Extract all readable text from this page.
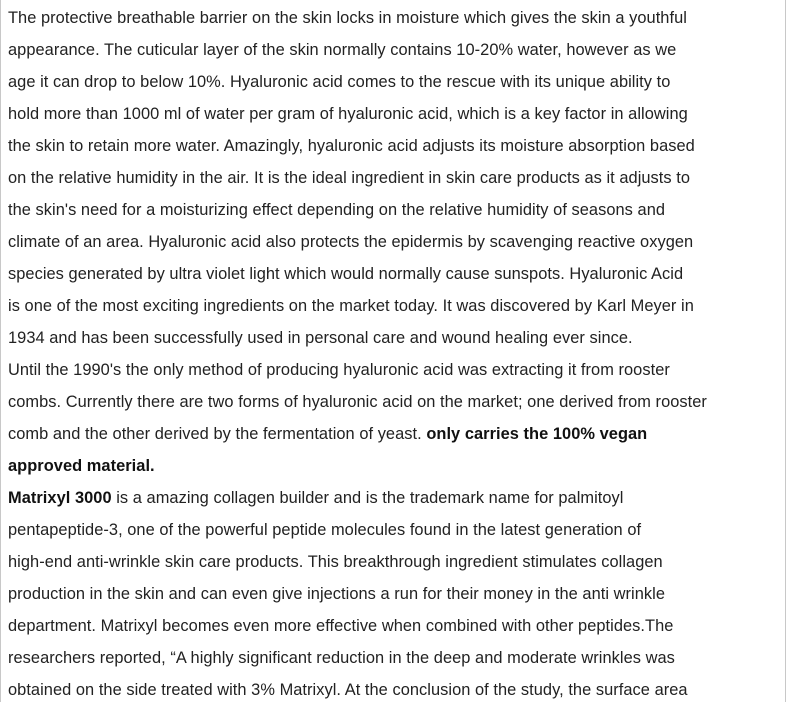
The protective breathable barrier on the skin locks in moisture which gives the skin a youthful
appearance. The cuticular layer of the skin normally contains 10-20% water, however as we
age it can drop to below 10%. Hyaluronic acid comes to the rescue with its unique ability to
hold more than 1000 ml of water per gram of hyaluronic acid, which is a key factor in allowing
the skin to retain more water. Amazingly, hyaluronic acid adjusts its moisture absorption based
on the relative humidity in the air. It is the ideal ingredient in skin care products as it adjusts to
the skin's need for a moisturizing effect depending on the relative humidity of seasons and
climate of an area. Hyaluronic acid also protects the epidermis by scavenging reactive oxygen
species generated by ultra violet light which would normally cause sunspots. Hyaluronic Acid
is one of the most exciting ingredients on the market today. It was discovered by Karl Meyer in
1934 and has been successfully used in personal care and wound healing ever since.
Until the 1990's the only method of producing hyaluronic acid was extracting it from rooster
combs. Currently there are two forms of hyaluronic acid on the market; one derived from rooster
comb and the other derived by the fermentation of yeast. only carries the 100% vegan
approved material.
Matrixyl 3000 is a amazing collagen builder and is the trademark name for palmitoyl
pentapeptide-3, one of the powerful peptide molecules found in the latest generation of
high-end anti-wrinkle skin care products. This breakthrough ingredient stimulates collagen
production in the skin and can even give injections a run for their money in the anti wrinkle
department. Matrixyl becomes even more effective when combined with other peptides.The
researchers reported, “A highly significant reduction in the deep and moderate wrinkles was
obtained on the side treated with 3% Matrixyl. At the conclusion of the study, the surface area
